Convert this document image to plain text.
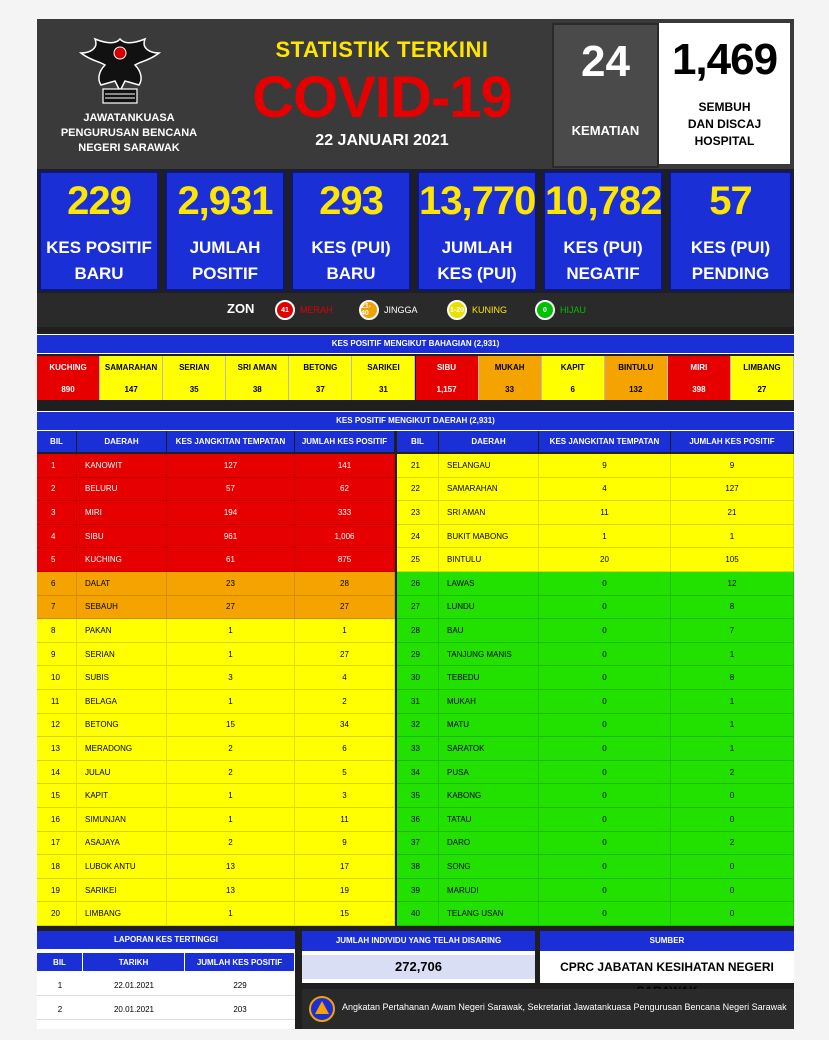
JAWATANKUASA
PENGURUSAN BENCANA
NEGERI SARAWAK
STATISTIK TERKINI
COVID-19
22 JANUARI 2021
24
KEMATIAN
1,469
SEMBUH
DAN DISCAJ
HOSPITAL
229
KES POSITIF
BARU
2,931
JUMLAH
POSITIF
293
KES (PUI)
BARU
13,770
JUMLAH
KES (PUI)
10,782
KES (PUI)
NEGATIF
57
KES (PUI)
PENDING
ZON	41	MERAH	21-40	JINGGA	1-20 KUNING	0	HIJAU
KES POSITIF MENGIKUT BAHAGIAN (2,931)
KUCHING
890
SAMARAHAN
147
SERIAN
35
SRI AMAN
38
BETONG
37
SARIKEI
31
SIBU
1,157
MUKAH
33
KAPIT
6
BINTULU
132
MIRI
398
LIMBANG
27
KES POSITIF MENGIKUT DAERAH (2,931)
BIL	DAERAH	KES JANGKITAN TEMPATAN	JUMLAH KES POSITIF	BIL	DAERAH	KES JANGKITAN TEMPATAN	JUMLAH KES POSITIF
1	KANOWIT	127	141
2	BELURU	57	62
3	MIRI	194	333
4	SIBU	961	1,006
5	KUCHING	61	875
6	DALAT	23	28
7	SEBAUH	27	27
8	PAKAN	1	1
9	SERIAN	1	27
10	SUBIS	3	4
11	BELAGA	1	2
12	BETONG	15	34
13	MERADONG	2	6
14	JULAU	2	5
15	KAPIT	1	3
16	SIMUNJAN	1	11
17	ASAJAYA	2	9
18	LUBOK ANTU	13	17
19	SARIKEI	13	19
20	LIMBANG	1	15
21	SELANGAU	9	9
22	SAMARAHAN	4	127
23	SRI AMAN	11	21
24	BUKIT MABONG	1	1
25	BINTULU	20	105
26	LAWAS	0	12
27	LUNDU	0	8
28	BAU	0	7
29	TANJUNG MANIS	0	1
30	TEBEDU	0	8
31	MUKAH	0	1
32	MATU	0	1
33	SARATOK	0	1
34	PUSA	0	2
35	KABONG	0	0
36	TATAU	0	0
37	DARO	0	2
38	SONG	0	0
39	MARUDI	0	0
40	TELANG USAN	0	0
LAPORAN KES TERTINGGI
BIL	TARIKH	JUMLAH KES POSITIF
1	22.01.2021	229
2	20.01.2021	203
JUMLAH INDIVIDU YANG TELAH DISARING
272,706
SUMBER
CPRC JABATAN KESIHATAN NEGERI
Angkatan Pertahanan Awam Negeri Sarawak, Sekretariat Jawatankuasa Pengurusan Bencana Negeri Sarawak
